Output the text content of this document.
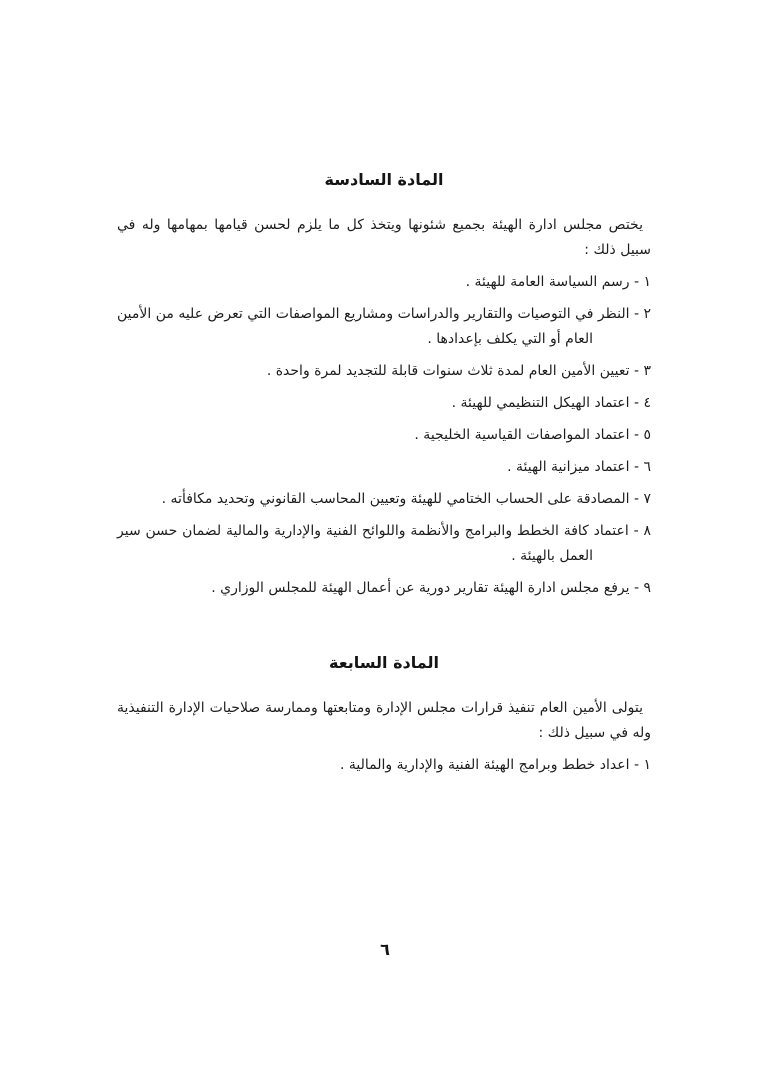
المادة السادسة

يختص مجلس ادارة الهيئة بجميع شئونها ويتخذ كل ما يلزم لحسن قيامها بمهامها وله في سبيل ذلك :

١ - رسم السياسة العامة للهيئة .
٢ - النظر في التوصيات والتقارير والدراسات ومشاريع المواصفات التي تعرض عليه من الأمين العام أو التي يكلف بإعدادها .
٣ - تعيين الأمين العام لمدة ثلاث سنوات قابلة للتجديد لمرة واحدة .
٤ - اعتماد الهيكل التنظيمي للهيئة .
٥ - اعتماد المواصفات القياسية الخليجية .
٦ - اعتماد ميزانية الهيئة .
٧ - المصادقة على الحساب الختامي للهيئة وتعيين المحاسب القانوني وتحديد مكافأته .
٨ - اعتماد كافة الخطط والبرامج والأنظمة واللوائح الفنية والإدارية والمالية لضمان حسن سير العمل بالهيئة .
٩ - يرفع مجلس ادارة الهيئة تقارير دورية عن أعمال الهيئة للمجلس الوزاري .
المادة السابعة

يتولى الأمين العام تنفيذ قرارات مجلس الإدارة ومتابعتها وممارسة صلاحيات الإدارة التنفيذية وله في سبيل ذلك :

١ - اعداد خطط وبرامج الهيئة الفنية والإدارية والمالية .
٦
